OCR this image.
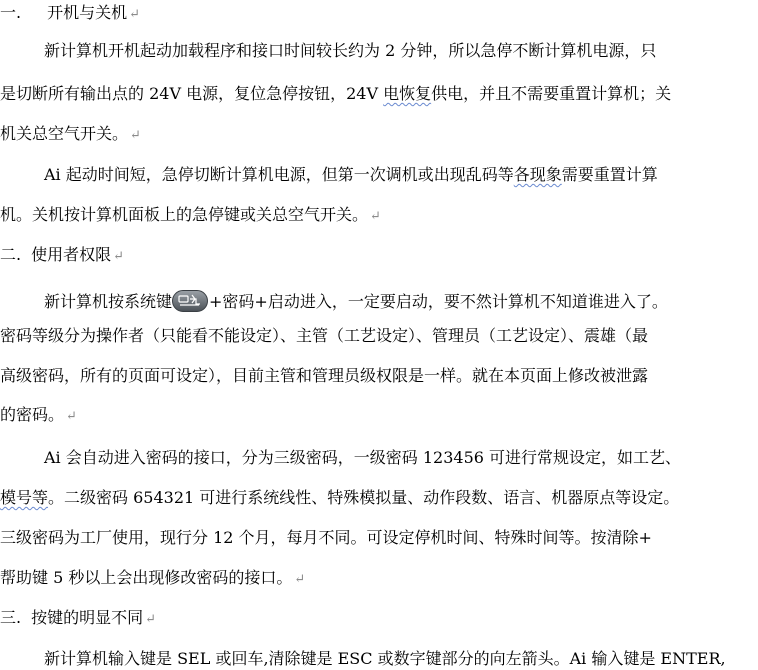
一. 开机与关机 ↵
新计算机开机起动加载程序和接口时间较长约为 2 分钟，所以急停不断计算机电源，只
是切断所有输出点的 24V 电源，复位急停按钮，24V 电恢复供电，并且不需要重置计算机；关
机关总空气开关。 ↵
Ai 起动时间短，急停切断计算机电源，但第一次调机或出现乱码等各现象需要重置计算
机。关机按计算机面板上的急停键或关总空气开关。 ↵
二. 使用者权限 ↵
新计算机按系统键 +密码+启动进入，一定要启动，要不然计算机不知道谁进入了。
密码等级分为操作者（只能看不能设定）、主管（工艺设定）、管理员（工艺设定）、震雄（最
高级密码，所有的页面可设定），目前主管和管理员级权限是一样。就在本页面上修改被泄露
的密码。 ↵
Ai 会自动进入密码的接口，分为三级密码，一级密码 123456 可进行常规设定，如工艺、
模号等。二级密码 654321 可进行系统线性、特殊模拟量、动作段数、语言、机器原点等设定。
三级密码为工厂使用，现行分 12 个月，每月不同。可设定停机时间、特殊时间等。按清除+
帮助键 5 秒以上会出现修改密码的接口。 ↵
三. 按键的明显不同 ↵
新计算机输入键是 SEL 或回车,清除键是 ESC 或数字键部分的向左箭头。Ai 输入键是 ENTER,
